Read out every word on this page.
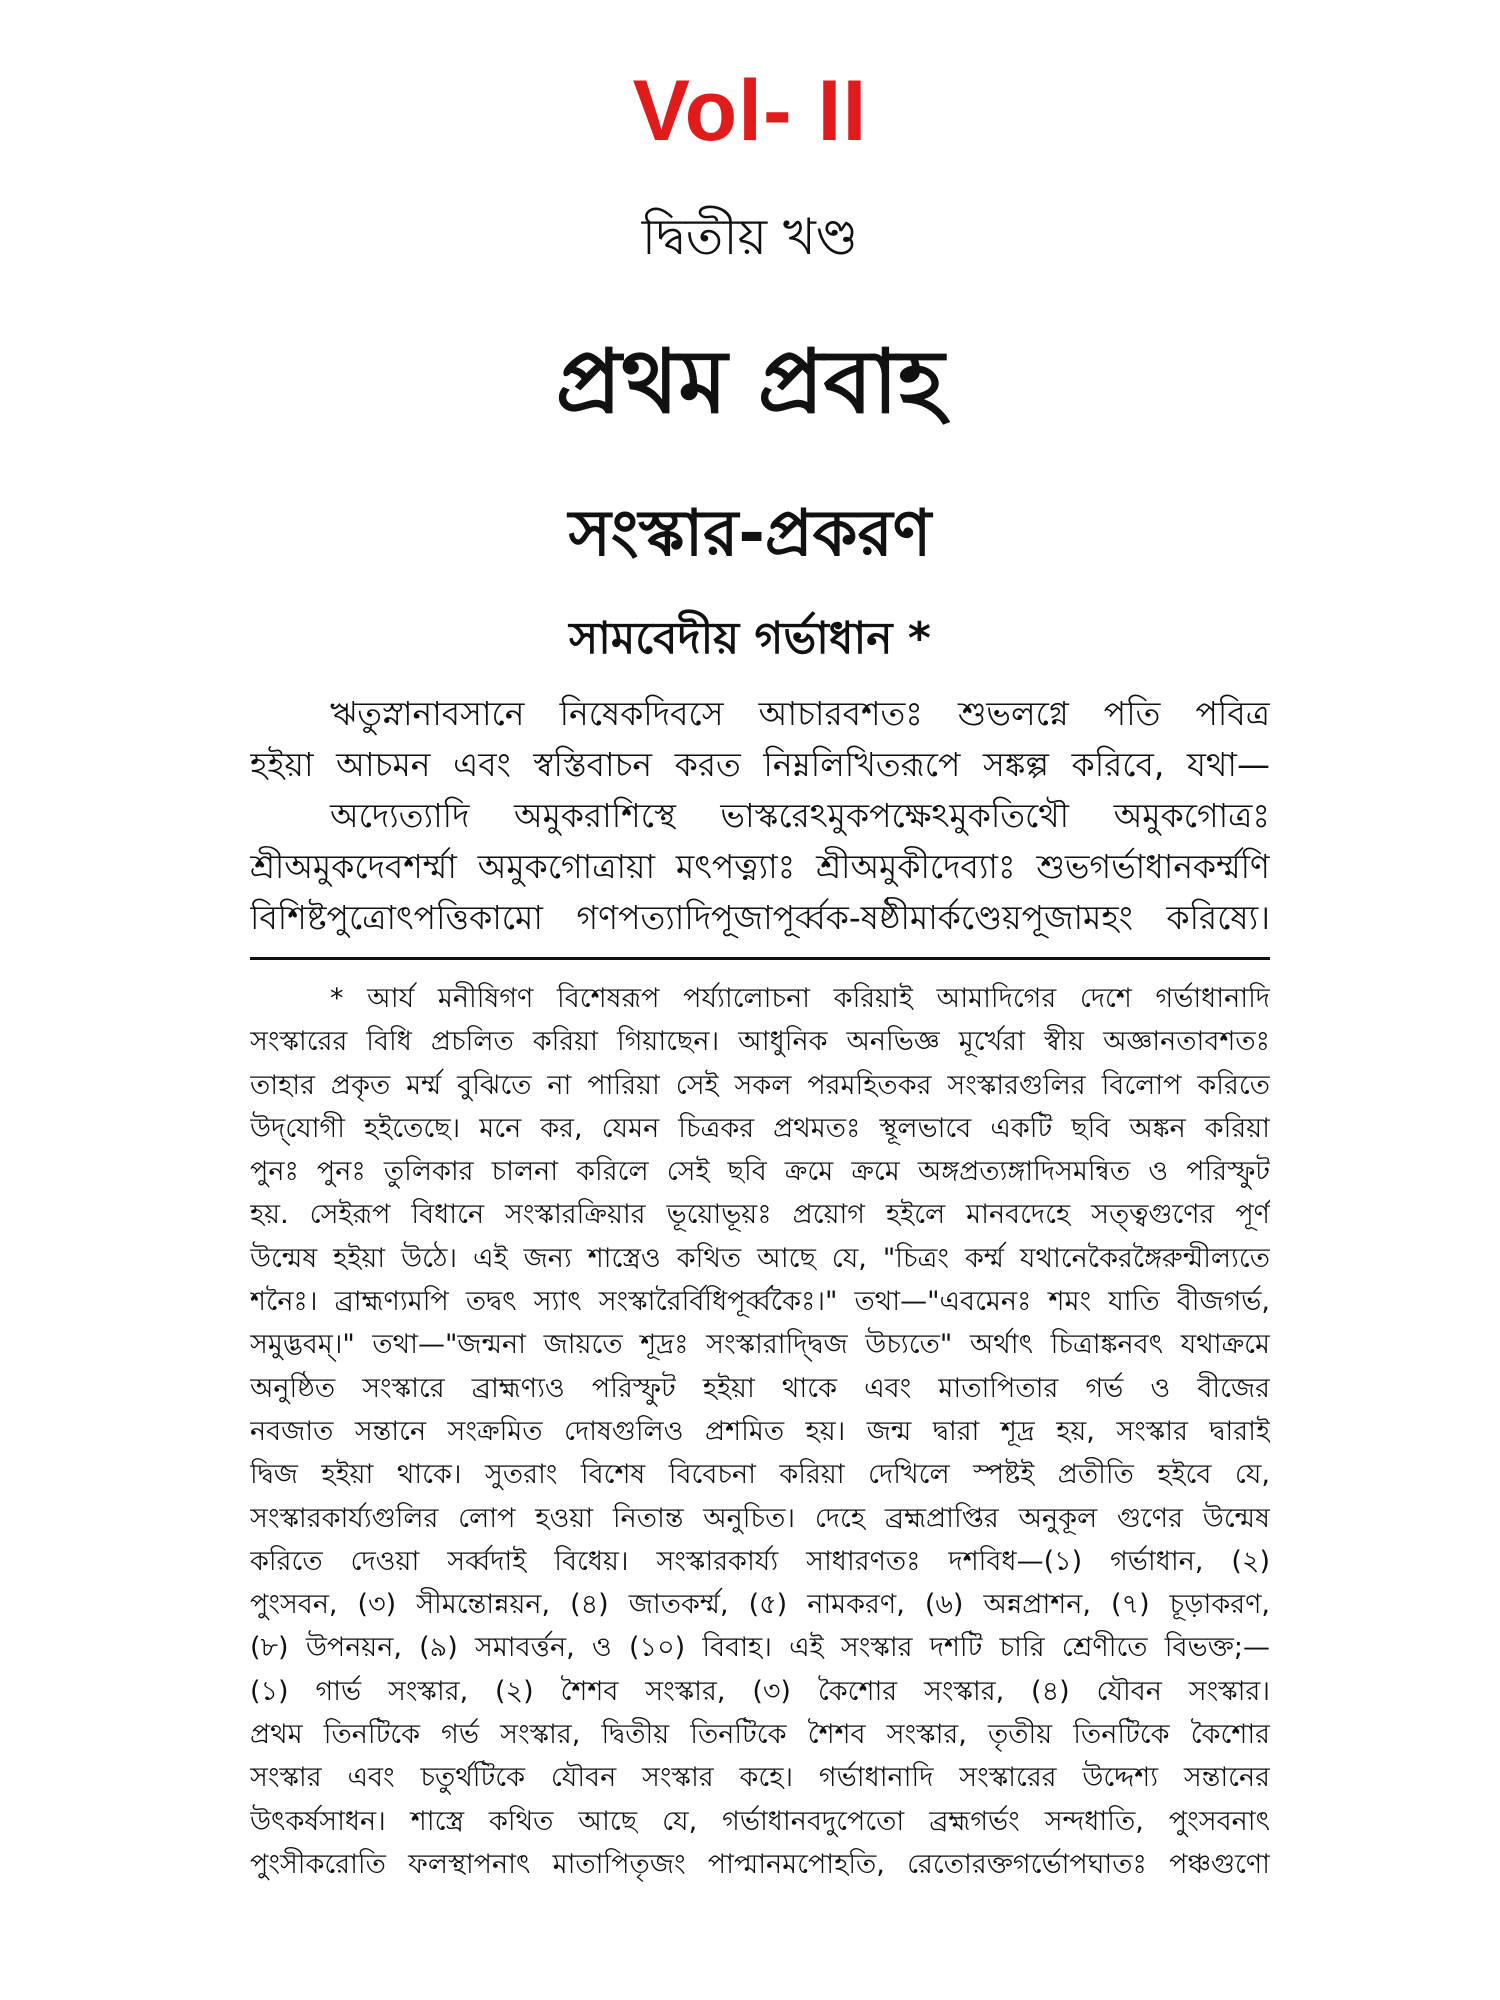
Vol- II
দ্বিতীয় খণ্ড
প্রথম প্রবাহ
সংস্কার-প্রকরণ
সামবেদীয় গর্ভাধান *
ঋতুস্নানাবসানে নিষেকদিবসে আচারবশতঃ শুভলগ্নে পতি পবিত্র
হইয়া আচমন এবং স্বস্তিবাচন করত নিম্নলিখিতরূপে সঙ্কল্প করিবে, যথা—
অদ্যেত্যাদি অমুকরাশিস্থে ভাস্করেঽমুকপক্ষেঽমুকতিথৌ অমুকগোত্রঃ
শ্রীঅমুকদেবশর্ম্মা অমুকগোত্রায়া মৎপত্ন্যাঃ শ্রীঅমুকীদেব্যাঃ শুভগর্ভাধানকর্ম্মণি
বিশিষ্টপুত্রোৎপত্তিকামো গণপত্যাদিপূজাপূর্ব্বক-ষষ্ঠীমার্কণ্ডেয়পূজামহং করিষ্যে।
* আর্য মনীষিগণ বিশেষরূপ পর্য্যালোচনা করিয়াই আমাদিগের দেশে গর্ভাধানাদি
সংস্কারের বিধি প্রচলিত করিয়া গিয়াছেন। আধুনিক অনভিজ্ঞ মূর্খেরা স্বীয় অজ্ঞানতাবশতঃ
তাহার প্রকৃত মর্ম্ম বুঝিতে না পারিয়া সেই সকল পরমহিতকর সংস্কারগুলির বিলোপ করিতে
উদ্‌যোগী হইতেছে। মনে কর, যেমন চিত্রকর প্রথমতঃ স্থূলভাবে একটি ছবি অঙ্কন করিয়া
পুনঃ পুনঃ তুলিকার চালনা করিলে সেই ছবি ক্রমে ক্রমে অঙ্গপ্রত্যঙ্গাদিসমন্বিত ও পরিস্ফুট
হয়. সেইরূপ বিধানে সংস্কারক্রিয়ার ভূয়োভূয়ঃ প্রয়োগ হইলে মানবদেহে সত্ত্বগুণের পূর্ণ
উন্মেষ হইয়া উঠে। এই জন্য শাস্ত্রেও কথিত আছে যে, "চিত্রং কর্ম্ম যথানেকৈরঙ্গৈরুন্মীল্যতে
শনৈঃ। ব্রাহ্মণ্যমপি তদ্বৎ স্যাৎ সংস্কারৈর্বিধিপূর্ব্বকৈঃ।" তথা—"এবমেনঃ শমং যাতি বীজগর্ভ,
সমুদ্ভবম্।" তথা—"জন্মনা জায়তে শূদ্রঃ সংস্কারাদ্দ্বিজ উচ্যতে" অর্থাৎ চিত্রাঙ্কনবৎ যথাক্রমে
অনুষ্ঠিত সংস্কারে ব্রাহ্মণ্যও পরিস্ফুট হইয়া থাকে এবং মাতাপিতার গর্ভ ও বীজের
নবজাত সন্তানে সংক্রমিত দোষগুলিও প্রশমিত হয়। জন্ম দ্বারা শূদ্র হয়, সংস্কার দ্বারাই
দ্বিজ হইয়া থাকে। সুতরাং বিশেষ বিবেচনা করিয়া দেখিলে স্পষ্টই প্রতীতি হইবে যে,
সংস্কারকার্য্যগুলির লোপ হওয়া নিতান্ত অনুচিত। দেহে ব্রহ্মপ্রাপ্তির অনুকূল গুণের উন্মেষ
করিতে দেওয়া সর্ব্বদাই বিধেয়। সংস্কারকার্য্য সাধারণতঃ দশবিধ—(১) গর্ভাধান, (২)
পুংসবন, (৩) সীমন্তোন্নয়ন, (৪) জাতকর্ম্ম, (৫) নামকরণ, (৬) অন্নপ্রাশন, (৭) চূড়াকরণ,
(৮) উপনয়ন, (৯) সমাবর্ত্তন, ও (১০) বিবাহ। এই সংস্কার দশটি চারি শ্রেণীতে বিভক্ত;—
(১) গার্ভ সংস্কার, (২) শৈশব সংস্কার, (৩) কৈশোর সংস্কার, (৪) যৌবন সংস্কার।
প্রথম তিনটিকে গর্ভ সংস্কার, দ্বিতীয় তিনটিকে শৈশব সংস্কার, তৃতীয় তিনটিকে কৈশোর
সংস্কার এবং চতুর্থটিকে যৌবন সংস্কার কহে। গর্ভাধানাদি সংস্কারের উদ্দেশ্য সন্তানের
উৎকর্ষসাধন। শাস্ত্রে কথিত আছে যে, গর্ভাধানবদুপেতো ব্রহ্মগর্ভং সন্দধাতি, পুংসবনাৎ
পুংসীকরোতি ফলস্থাপনাৎ মাতাপিতৃজং পাপ্মানমপোহতি, রেতোরক্তগর্ভোপঘাতঃ পঞ্চগুণো
